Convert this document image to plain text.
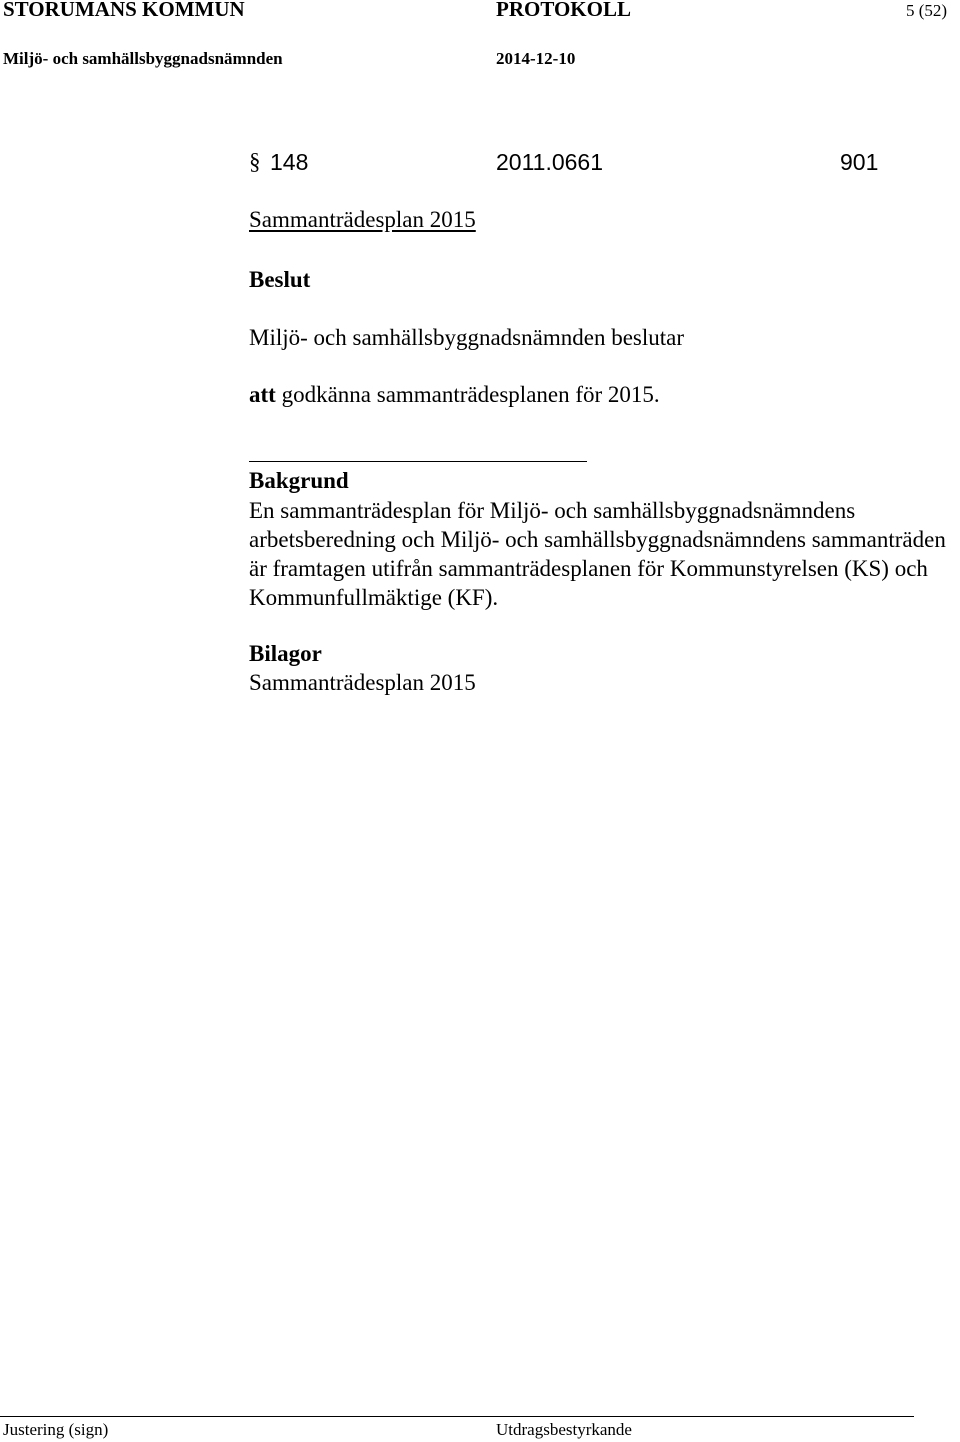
STORUMANS KOMMUN	PROTOKOLL	5 (52)
Miljö- och samhällsbyggnadsnämnden	2014-12-10
§ 148	2011.0661	901
Sammanträdesplan 2015
Beslut
Miljö- och samhällsbyggnadsnämnden beslutar
att godkänna sammanträdesplanen för 2015.
Bakgrund
En sammanträdesplan för Miljö- och samhällsbyggnadsnämndens arbetsberedning och Miljö- och samhällsbyggnadsnämndens sammanträden är framtagen utifrån sammanträdesplanen för Kommunstyrelsen (KS) och Kommunfullmäktige (KF).
Bilagor
Sammanträdesplan 2015
Justering (sign)	Utdragsbestyrkande
